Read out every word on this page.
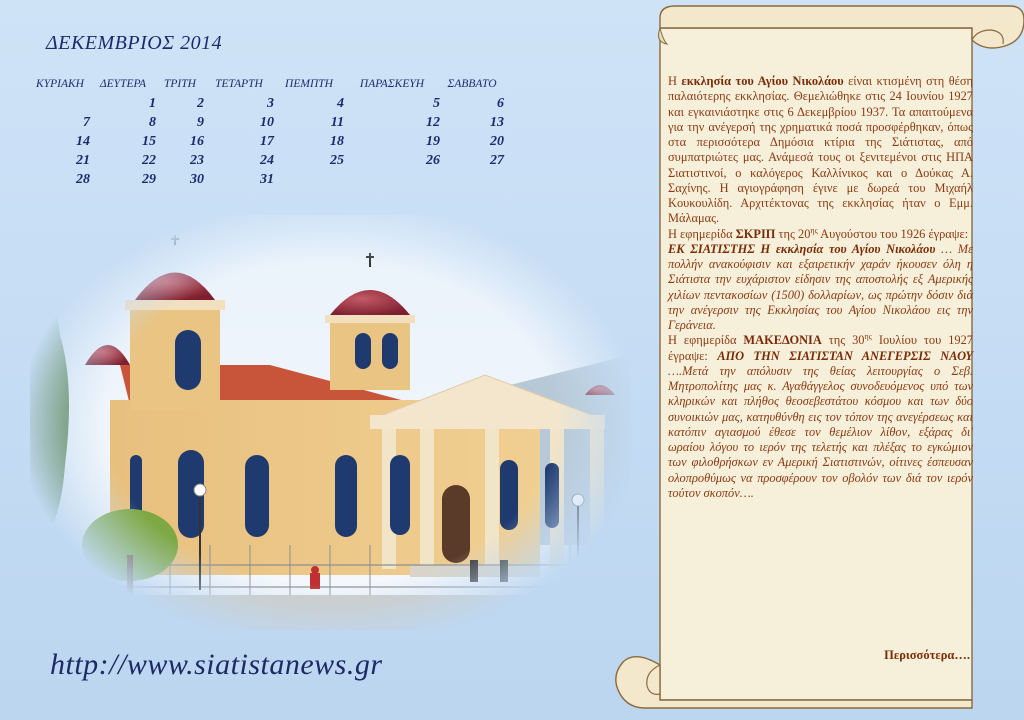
ΔΕΚΕΜΒΡΙΟΣ 2014
ΚΥΡΙΑΚΗ	ΔΕΥΤΕΡΑ	ΤΡΙΤΗ	ΤΕΤΑΡΤΗ	ΠΕΜΠΤΗ	ΠΑΡΑΣΚΕΥΗ	ΣΑΒΒΑΤΟ
	1	2	3	4	5	6
7	8	9	10	11	12	13
14	15	16	17	18	19	20
21	22	23	24	25	26	27
28	29	30	31			
http://www.siatistanews.gr

Η εκκλησία του Αγίου Νικολάου είναι κτισμένη στη θέση παλαιότερης εκκλησίας. Θεμελιώθηκε στις 24 Ιουνίου 1927 και εγκαινιάστηκε στις 6 Δεκεμβρίου 1937. Τα απαιτούμενα για την ανέγερσή της χρηματικά ποσά προσφέρθηκαν, όπως στα περισσότερα Δημόσια κτίρια της Σιάτιστας, από συμπατριώτες μας. Ανάμεσά τους οι ξενιτεμένοι στις ΗΠΑ Σιατιστινοί, ο καλόγερος Καλλίνικος και ο Δούκας Α. Σαχίνης. Η αγιογράφηση έγινε με δωρεά του Μιχαήλ Κουκουλίδη. Αρχιτέκτονας της εκκλησίας ήταν ο Εμμ. Μάλαμας.

Η εφημερίδα ΣΚΡΙΠ της $20^{\eta\varsigma}$ Αυγούστου του 1926 έγραψε:

ΕΚ ΣΙΑΤΙΣΤΗΣ Η εκκλησία του Αγίου Νικολάου … Με πολλήν ανακούφισιν και εξαιρετικήν χαράν ήκουσεν όλη η Σιάτιστα την ευχάριστον είδησιν της αποστολής εξ Αμερικής χιλίων πεντακοσίων (1500) δολλαρίων, ως πρώτην δόσιν διά την ανέγερσιν της Εκκλησίας του Αγίου Νικολάου εις την Γεράνεια.

Η εφημερίδα ΜΑΚΕΔΟΝΙΑ της $30^{\eta\varsigma}$ Ιουλίου του 1927 έγραψε: ΑΠΟ ΤΗΝ ΣΙΑΤΙΣΤΑΝ ΑΝΕΓΕΡΣΙΣ ΝΑΟΥ ….Μετά την απόλυσιν της θείας λειτουργίας ο Σεβ. Μητροπολίτης μας κ. Αγαθάγγελος συνοδευόμενος υπό των κληρικών και πλήθος θεοσεβεστάτου κόσμου και των δύο συνοικιών μας, κατηυθύνθη εις τον τόπον της ανεγέρσεως και κατόπιν αγιασμού έθεσε τον θεμέλιον λίθον, εξάρας δι' ωραίου λόγου το ιερόν της τελετής και πλέξας το εγκώμιον των φιλοθρήσκων εν Αμερική Σιατιστινών, οίτινες έσπευσαν ολοπροθύμως να προσφέρουν τον οβολόν των διά τον ιερόν τούτον σκοπόν….

Περισσότερα….
